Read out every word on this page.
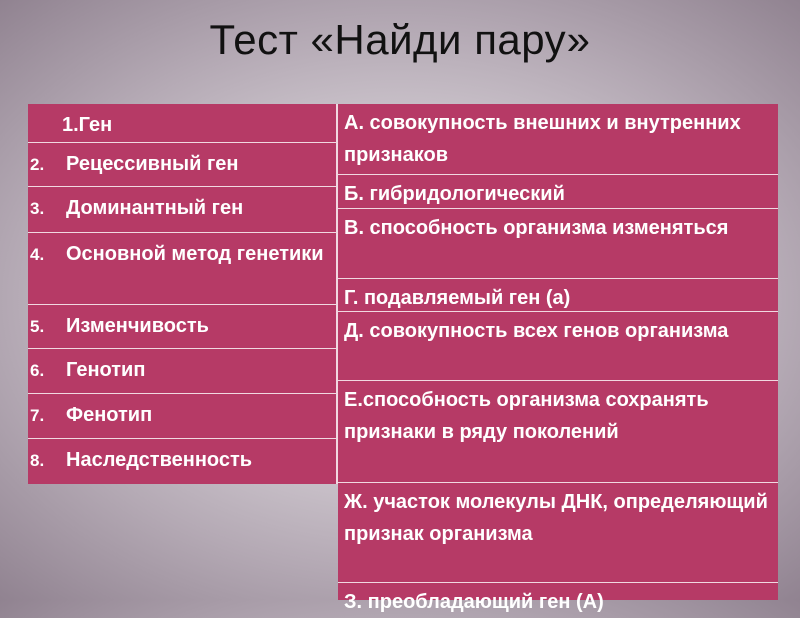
Тест «Найди пару»
1.Ген
2. Рецессивный ген
3. Доминантный ген
4. Основной метод генетики
5. Изменчивость
6. Генотип
7. Фенотип
8. Наследственность
А. совокупность внешних и внутренних признаков
Б. гибридологический
В. способность организма изменяться
Г. подавляемый ген (а)
Д. совокупность всех генов организма
Е.способность организма сохранять признаки в ряду поколений
Ж. участок молекулы ДНК, определяющий признак организма
З. преобладающий ген (А)
